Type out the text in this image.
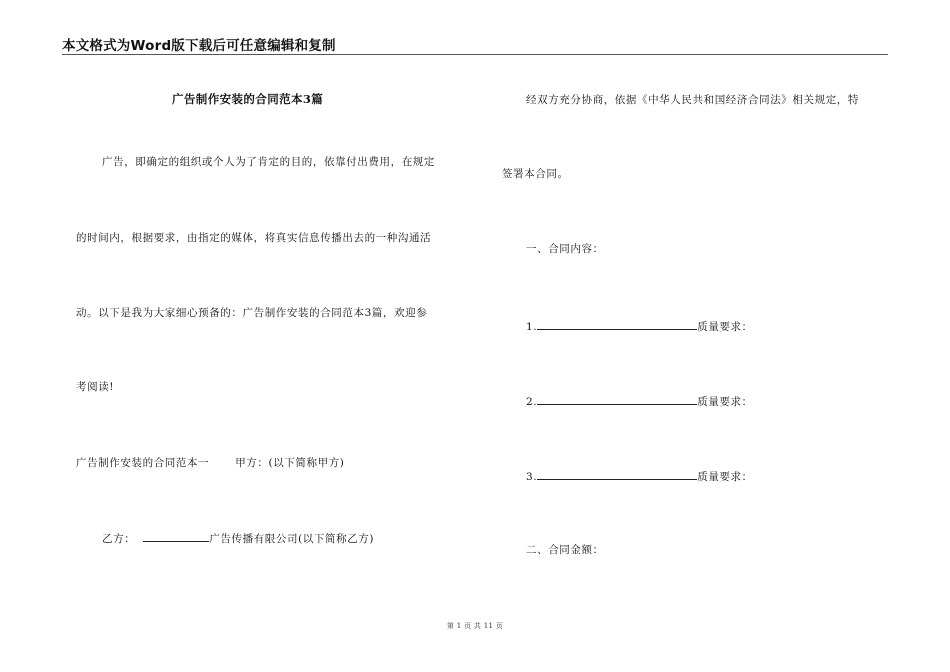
本文格式为Word版下载后可任意编辑和复制
广告制作安装的合同范本3篇
广告，即确定的组织或个人为了肯定的目的，依靠付出费用，在规定
的时间内，根据要求，由指定的媒体，将真实信息传播出去的一种沟通活
动。以下是我为大家细心预备的：广告制作安装的合同范本3篇，欢迎参
考阅读!
广告制作安装的合同范本一 甲方：(以下简称甲方)
乙方：	广告传播有限公司(以下简称乙方)
经双方充分协商，依据《中华人民共和国经济合同法》相关规定，特
签署本合同。
一、合同内容：
1.	质量要求：
2.	质量要求：
3.	质量要求：
二、合同金额：
第 1 页 共 11 页
